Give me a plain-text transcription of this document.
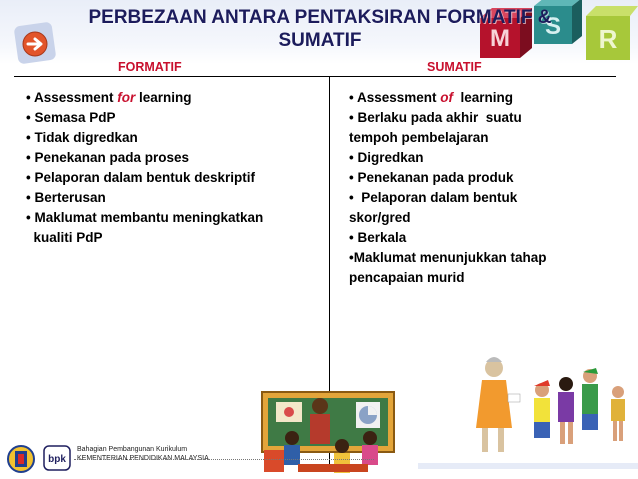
M S R
PERBEZAAN ANTARA PENTAKSIRAN FORMATIF & SUMATIF
FORMATIF	SUMATIF
• Assessment for learning
• Semasa PdP
• Tidak digredkan
• Penekanan pada proses
• Pelaporan dalam bentuk deskriptif
• Berterusan
• Maklumat membantu meningkatkan
kualiti PdP
• Assessment of  learning
• Berlaku pada akhir  suatu
tempoh pembelajaran
• Digredkan
• Penekanan pada produk
•  Pelaporan dalam bentuk
skor/gred
• Berkala
•Maklumat menunjukkan tahap
pencapaian murid
bpk
Bahagian Pembangunan Kurikulum
KEMENTERIAN PENDIDIKAN MALAYSIA
